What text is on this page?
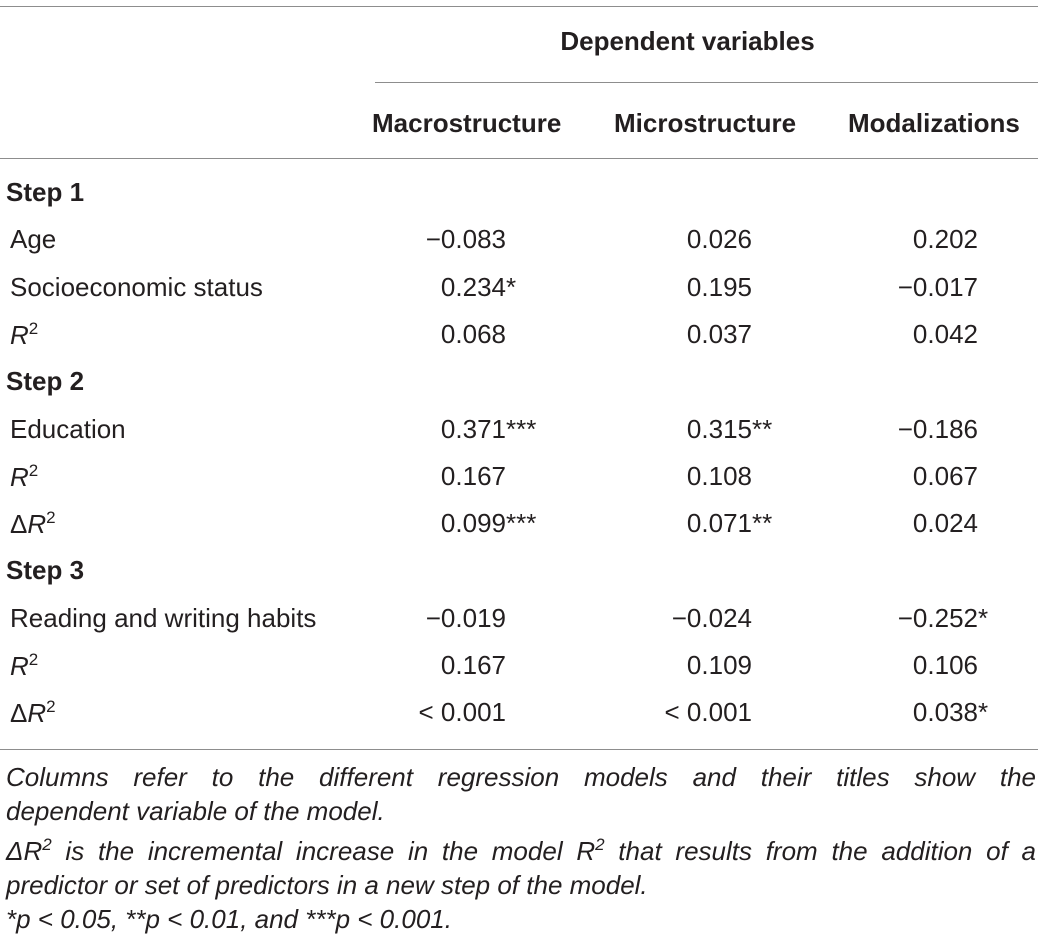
Dependent variables
Macrostructure Microstructure Modalizations
Step 1
Age	−0.083	0.026	0.202
Socioeconomic status	0.234*	0.195	−0.017
$R^2$	0.068	0.037	0.042
Step 2
Education	0.371***	0.315**	−0.186
$R^2$	0.167	0.108	0.067
$\Delta R^2$	0.099***	0.071**	0.024
Step 3
Reading and writing habits	−0.019	−0.024	−0.252*
$R^2$	0.167	0.109	0.106
$\Delta R^2$	< 0.001	< 0.001	0.038*

Columns refer to the different regression models and their titles show the

dependent variable of the model.

$\Delta R^2$ is the incremental increase in the model $R^2$ that results from the addition of a

predictor or set of predictors in a new step of the model.

*p < 0.05, **p < 0.01, and ***p < 0.001.
